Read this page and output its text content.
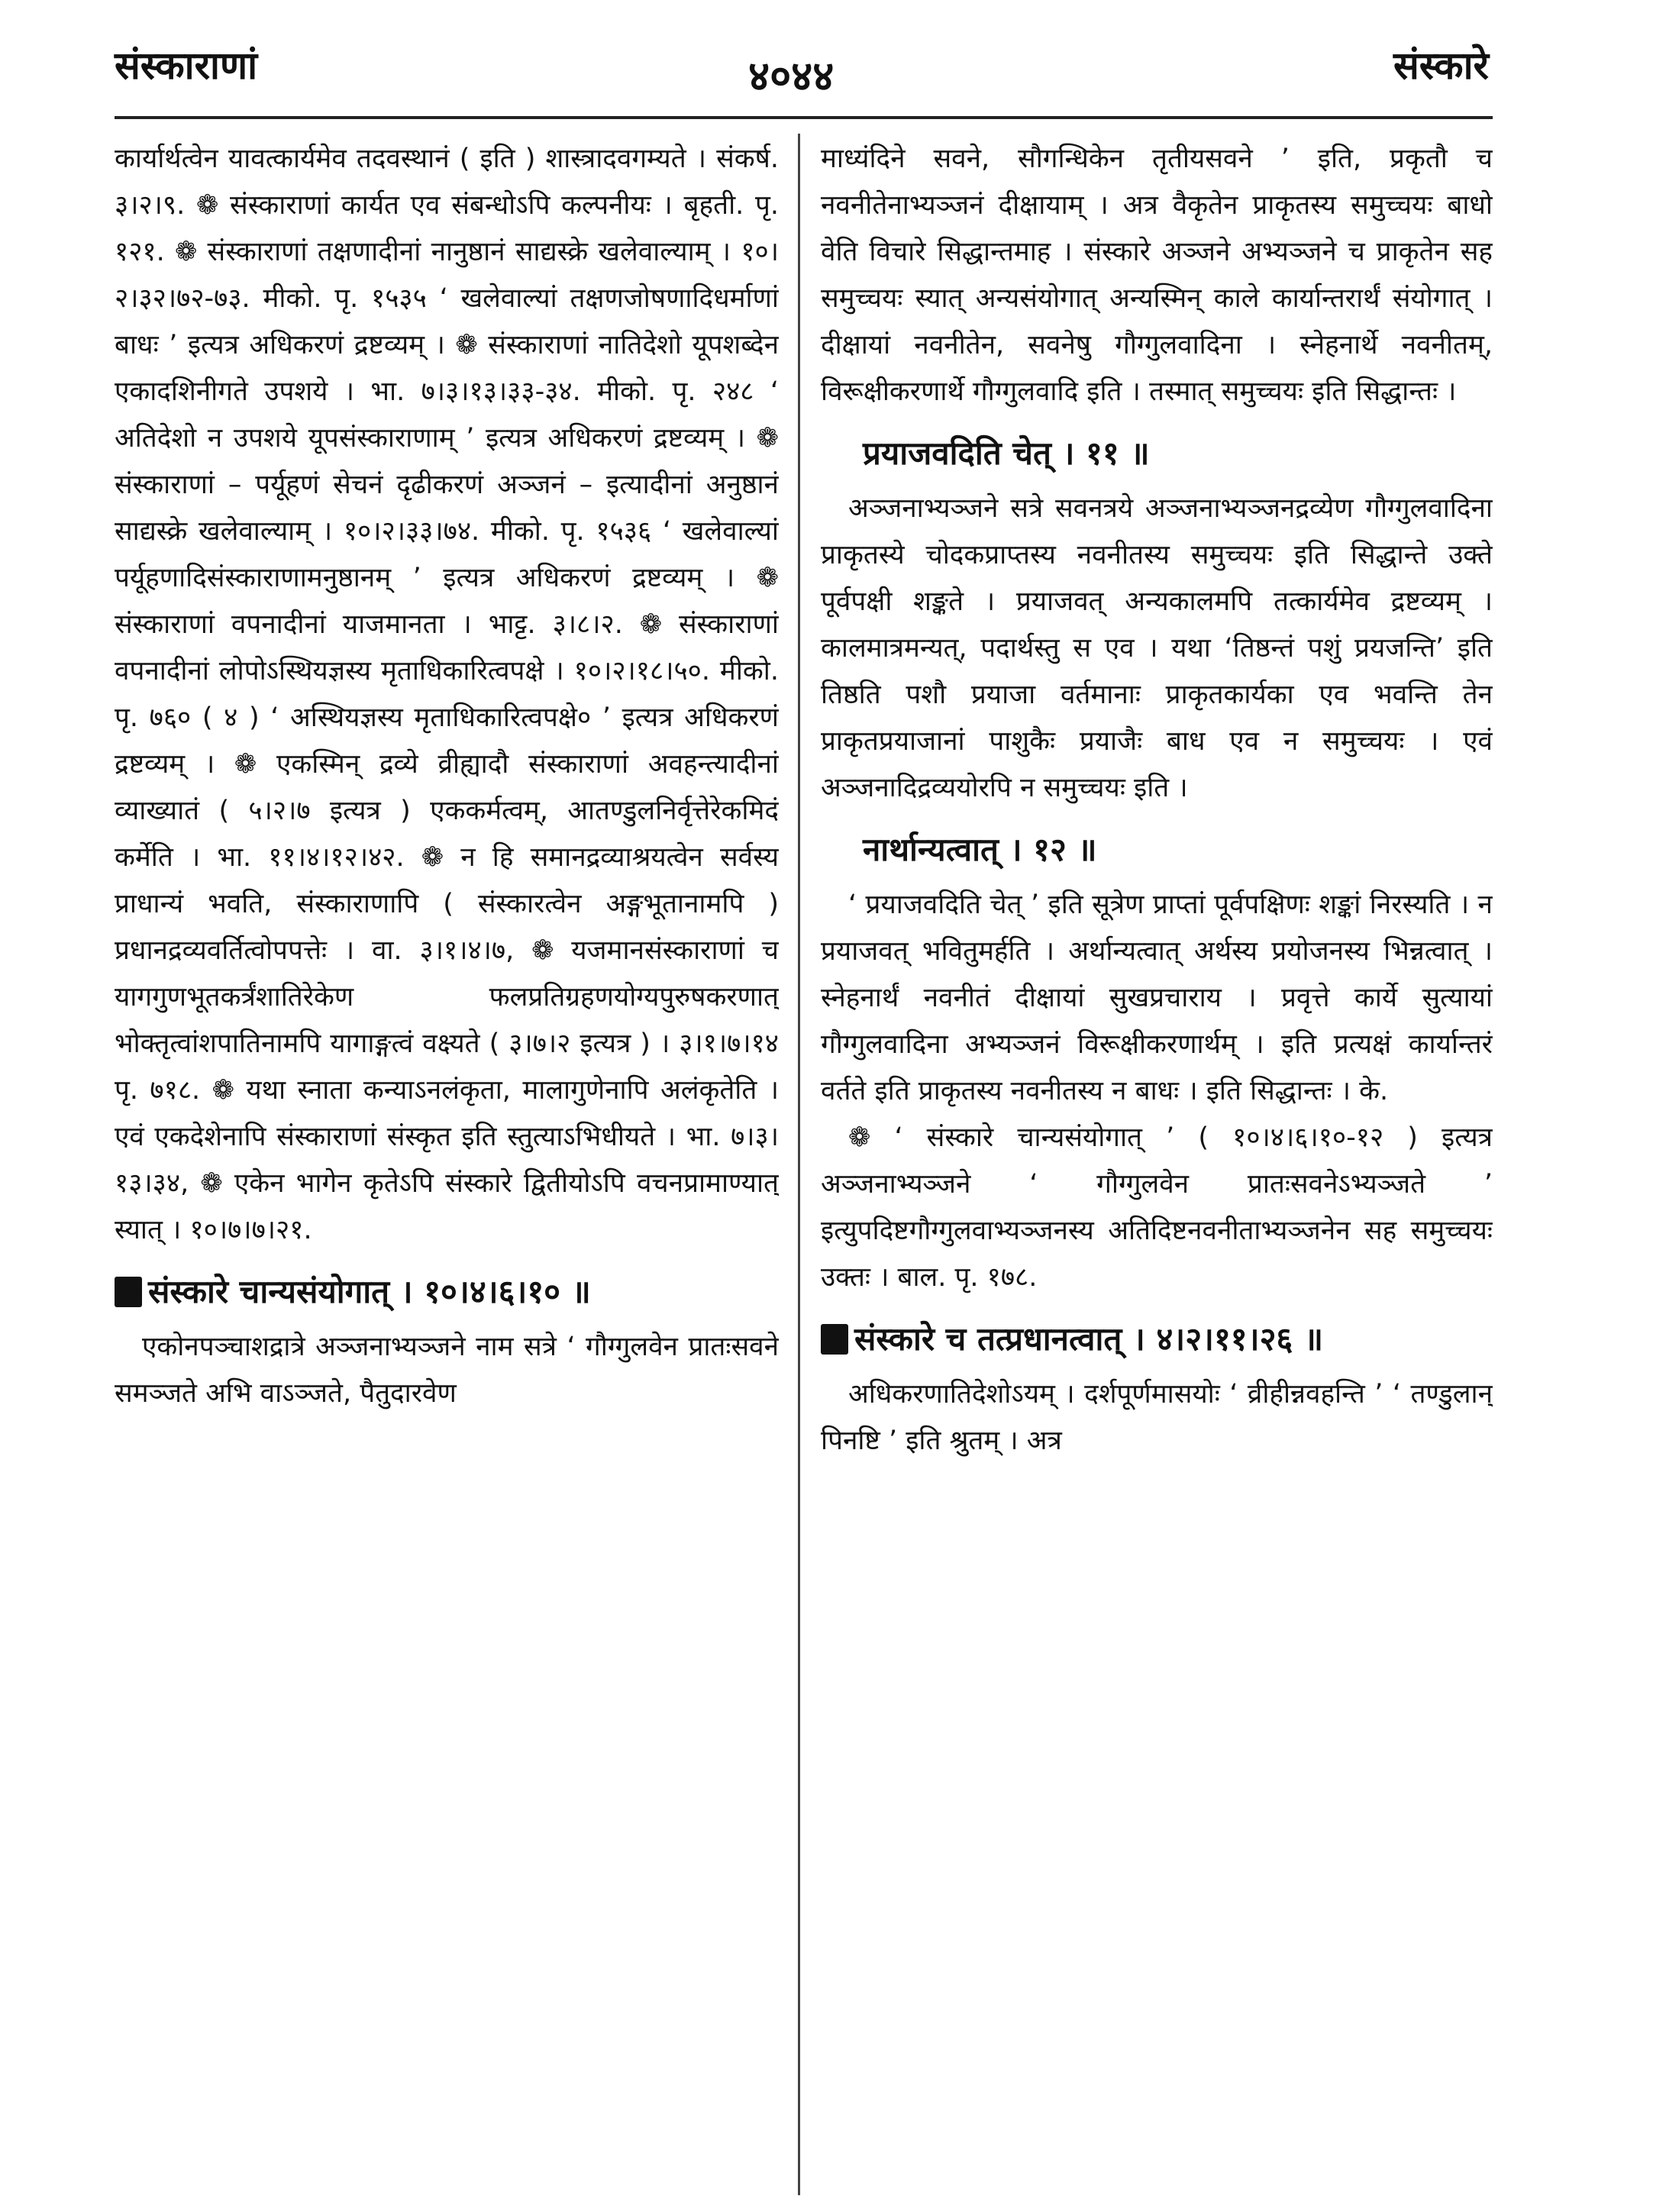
संस्काराणां	४०४४	संस्कारे

कार्यार्थत्वेन यावत्कार्यमेव तदवस्थानं ( इति ) शास्त्रादवगम्यते । संकर्ष. ३।२।९. ❁ संस्काराणां कार्यत एव संबन्धोऽपि कल्पनीयः । बृहती. पृ. १२१. ❁ संस्काराणां तक्षणादीनां नानुष्ठानं साद्यस्क्रे खलेवाल्याम् । १०।२।३२।७२-७३. मीको. पृ. १५३५ ‘ खलेवाल्यां तक्षणजोषणादिधर्माणां बाधः ’ इत्यत्र अधिकरणं द्रष्टव्यम् । ❁ संस्काराणां नातिदेशो यूपशब्देन एकादशिनीगते उपशये । भा. ७।३।१३।३३-३४. मीको. पृ. २४८ ‘ अतिदेशो न उपशये यूपसंस्काराणाम् ’ इत्यत्र अधिकरणं द्रष्टव्यम् । ❁ संस्काराणां – पर्यूहणं सेचनं दृढीकरणं अञ्जनं – इत्यादीनां अनुष्ठानं साद्यस्क्रे खलेवाल्याम् । १०।२।३३।७४. मीको. पृ. १५३६ ‘ खलेवाल्यां पर्यूहणादिसंस्काराणामनुष्ठानम् ’ इत्यत्र अधिकरणं द्रष्टव्यम् । ❁ संस्काराणां वपनादीनां याजमानता । भाट्ट. ३।८।२. ❁ संस्काराणां वपनादीनां लोपोऽस्थियज्ञस्य मृताधिकारित्वपक्षे । १०।२।१८।५०. मीको. पृ. ७६० ( ४ ) ‘ अस्थियज्ञस्य मृताधिकारित्वपक्षे० ’ इत्यत्र अधिकरणं द्रष्टव्यम् । ❁ एकस्मिन् द्रव्ये व्रीह्यादौ संस्काराणां अवहन्त्यादीनां व्याख्यातं ( ५।२।७ इत्यत्र ) एककर्मत्वम्, आतण्डुलनिर्वृत्तेरेकमिदं कर्मेति । भा. ११।४।१२।४२. ❁ न हि समानद्रव्याश्रयत्वेन सर्वस्य प्राधान्यं भवति, संस्काराणापि ( संस्कारत्वेन अङ्गभूतानामपि ) प्रधानद्रव्यवर्तित्वोपपत्तेः । वा. ३।१।४।७, ❁ यजमानसंस्काराणां च यागगुणभूतकर्त्रंशातिरेकेण फलप्रतिग्रहणयोग्यपुरुषकरणात् भोक्तृत्वांशपातिनामपि यागाङ्गत्वं वक्ष्यते ( ३।७।२ इत्यत्र ) । ३।१।७।१४ पृ. ७१८. ❁ यथा स्नाता कन्याऽनलंकृता, मालागुणेनापि अलंकृतेति । एवं एकदेशेनापि संस्काराणां संस्कृत इति स्तुत्याऽभिधीयते । भा. ७।३।१३।३४, ❁ एकेन भागेन कृतेऽपि संस्कारे द्वितीयोऽपि वचनप्रामाण्यात् स्यात् । १०।७।७।२१.

संस्कारे चान्यसंयोगात् । १०।४।६।१० ॥

एकोनपञ्चाशद्रात्रे अञ्जनाभ्यञ्जने नाम सत्रे ‘ गौग्गुलवेन प्रातःसवने समञ्जते अभि वाऽञ्जते, पैतुदारवेण

माध्यंदिने सवने, सौगन्धिकेन तृतीयसवने ’ इति, प्रकृतौ च नवनीतेनाभ्यञ्जनं दीक्षायाम् । अत्र वैकृतेन प्राकृतस्य समुच्चयः बाधो वेति विचारे सिद्धान्तमाह । संस्कारे अञ्जने अभ्यञ्जने च प्राकृतेन सह समुच्चयः स्यात् अन्यसंयोगात् अन्यस्मिन् काले कार्यान्तरार्थं संयोगात् । दीक्षायां नवनीतेन, सवनेषु गौग्गुलवादिना । स्नेहनार्थे नवनीतम्, विरूक्षीकरणार्थे गौग्गुलवादि इति । तस्मात् समुच्चयः इति सिद्धान्तः ।

प्रयाजवदिति चेत् । ११ ॥

अञ्जनाभ्यञ्जने सत्रे सवनत्रये अञ्जनाभ्यञ्जनद्रव्येण गौग्गुलवादिना प्राकृतस्ये चोदकप्राप्तस्य नवनीतस्य समुच्चयः इति सिद्धान्ते उक्ते पूर्वपक्षी शङ्कते । प्रयाजवत् अन्यकालमपि तत्कार्यमेव द्रष्टव्यम् । कालमात्रमन्यत्, पदार्थस्तु स एव । यथा ‘तिष्ठन्तं पशुं प्रयजन्ति’ इति तिष्ठति पशौ प्रयाजा वर्तमानाः प्राकृतकार्यका एव भवन्ति तेन प्राकृतप्रयाजानां पाशुकैः प्रयाजैः बाध एव न समुच्चयः । एवं अञ्जनादिद्रव्ययोरपि न समुच्चयः इति ।

नार्थान्यत्वात् । १२ ॥

‘ प्रयाजवदिति चेत् ’ इति सूत्रेण प्राप्तां पूर्वपक्षिणः शङ्कां निरस्यति । न प्रयाजवत् भवितुमर्हति । अर्थान्यत्वात् अर्थस्य प्रयोजनस्य भिन्नत्वात् । स्नेहनार्थं नवनीतं दीक्षायां सुखप्रचाराय । प्रवृत्ते कार्ये सुत्यायां गौग्गुलवादिना अभ्यञ्जनं विरूक्षीकरणार्थम् । इति प्रत्यक्षं कार्यान्तरं वर्तते इति प्राकृतस्य नवनीतस्य न बाधः । इति सिद्धान्तः । के.

❁ ‘ संस्कारे चान्यसंयोगात् ’ ( १०।४।६।१०-१२ ) इत्यत्र अञ्जनाभ्यञ्जने ‘ गौग्गुलवेन प्रातःसवनेऽभ्यञ्जते ’ इत्युपदिष्टगौग्गुलवाभ्यञ्जनस्य अतिदिष्टनवनीताभ्यञ्जनेन सह समुच्चयः उक्तः । बाल. पृ. १७८.

संस्कारे च तत्प्रधानत्वात् । ४।२।११।२६ ॥

अधिकरणातिदेशोऽयम् । दर्शपूर्णमासयोः ‘ व्रीहीन्नवहन्ति ’ ‘ तण्डुलान् पिनष्टि ’ इति श्रुतम् । अत्र
